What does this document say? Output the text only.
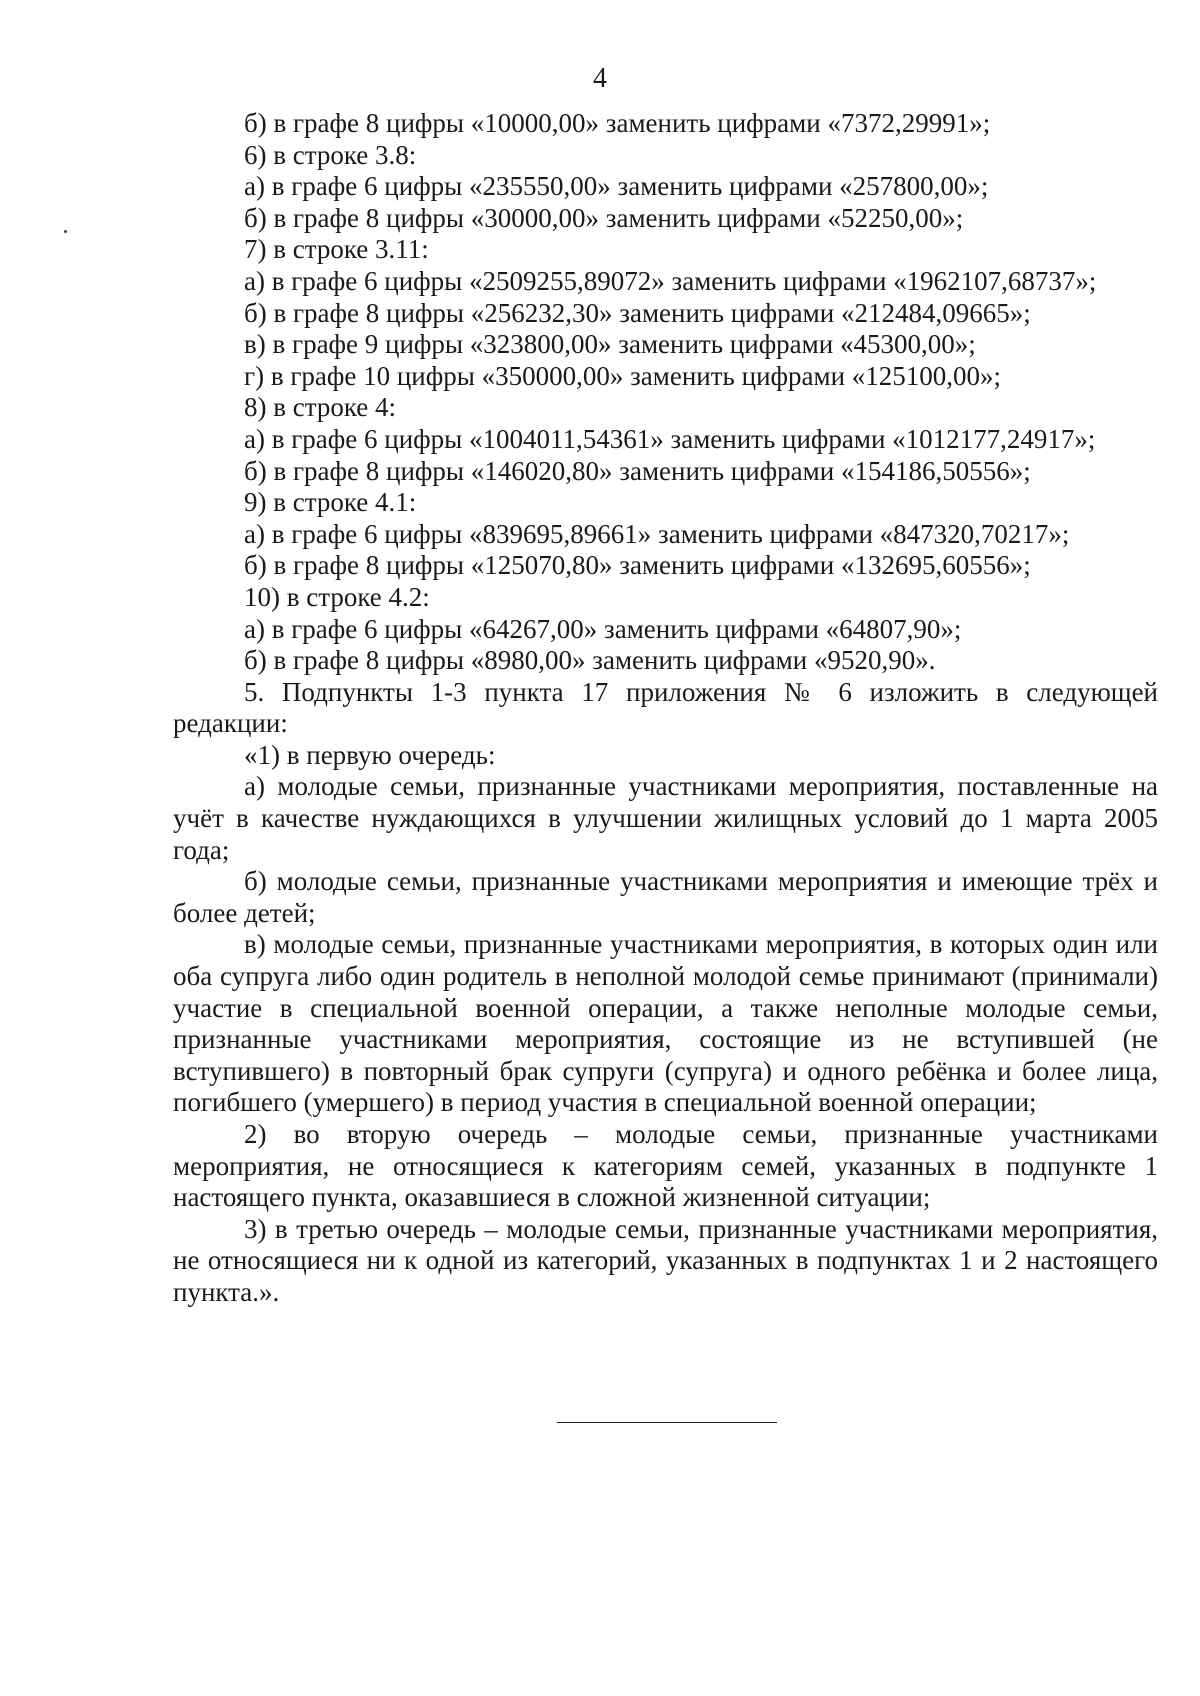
4

б) в графе 8 цифры «10000,00» заменить цифрами «7372,29991»;

6) в строке 3.8:

а) в графе 6 цифры «235550,00» заменить цифрами «257800,00»;

б) в графе 8 цифры «30000,00» заменить цифрами «52250,00»;

7) в строке 3.11:

а) в графе 6 цифры «2509255,89072» заменить цифрами «1962107,68737»;

б) в графе 8 цифры «256232,30» заменить цифрами «212484,09665»;

в) в графе 9 цифры «323800,00» заменить цифрами «45300,00»;

г) в графе 10 цифры «350000,00» заменить цифрами «125100,00»;

8) в строке 4:

а) в графе 6 цифры «1004011,54361» заменить цифрами «1012177,24917»;

б) в графе 8 цифры «146020,80» заменить цифрами «154186,50556»;

9) в строке 4.1:

а) в графе 6 цифры «839695,89661» заменить цифрами «847320,70217»;

б) в графе 8 цифры «125070,80» заменить цифрами «132695,60556»;

10) в строке 4.2:

а) в графе 6 цифры «64267,00» заменить цифрами «64807,90»;

б) в графе 8 цифры «8980,00» заменить цифрами «9520,90».

5. Подпункты 1-3 пункта 17 приложения № 6 изложить в следующей редакции:

«1) в первую очередь:

а) молодые семьи, признанные участниками мероприятия, поставленные на учёт в качестве нуждающихся в улучшении жилищных условий до 1 марта 2005 года;

б) молодые семьи, признанные участниками мероприятия и имеющие трёх и более детей;

в) молодые семьи, признанные участниками мероприятия, в которых один или оба супруга либо один родитель в неполной молодой семье принимают (принимали) участие в специальной военной операции, а также неполные молодые семьи, признанные участниками мероприятия, состоящие из не вступившей (не вступившего) в повторный брак супруги (супруга) и одного ребёнка и более лица, погибшего (умершего) в период участия в специальной военной операции;

2) во вторую очередь – молодые семьи, признанные участниками мероприятия, не относящиеся к категориям семей, указанных в подпункте 1 настоящего пункта, оказавшиеся в сложной жизненной ситуации;

3) в третью очередь – молодые семьи, признанные участниками мероприятия, не относящиеся ни к одной из категорий, указанных в подпунктах 1 и 2 настоящего пункта.».
